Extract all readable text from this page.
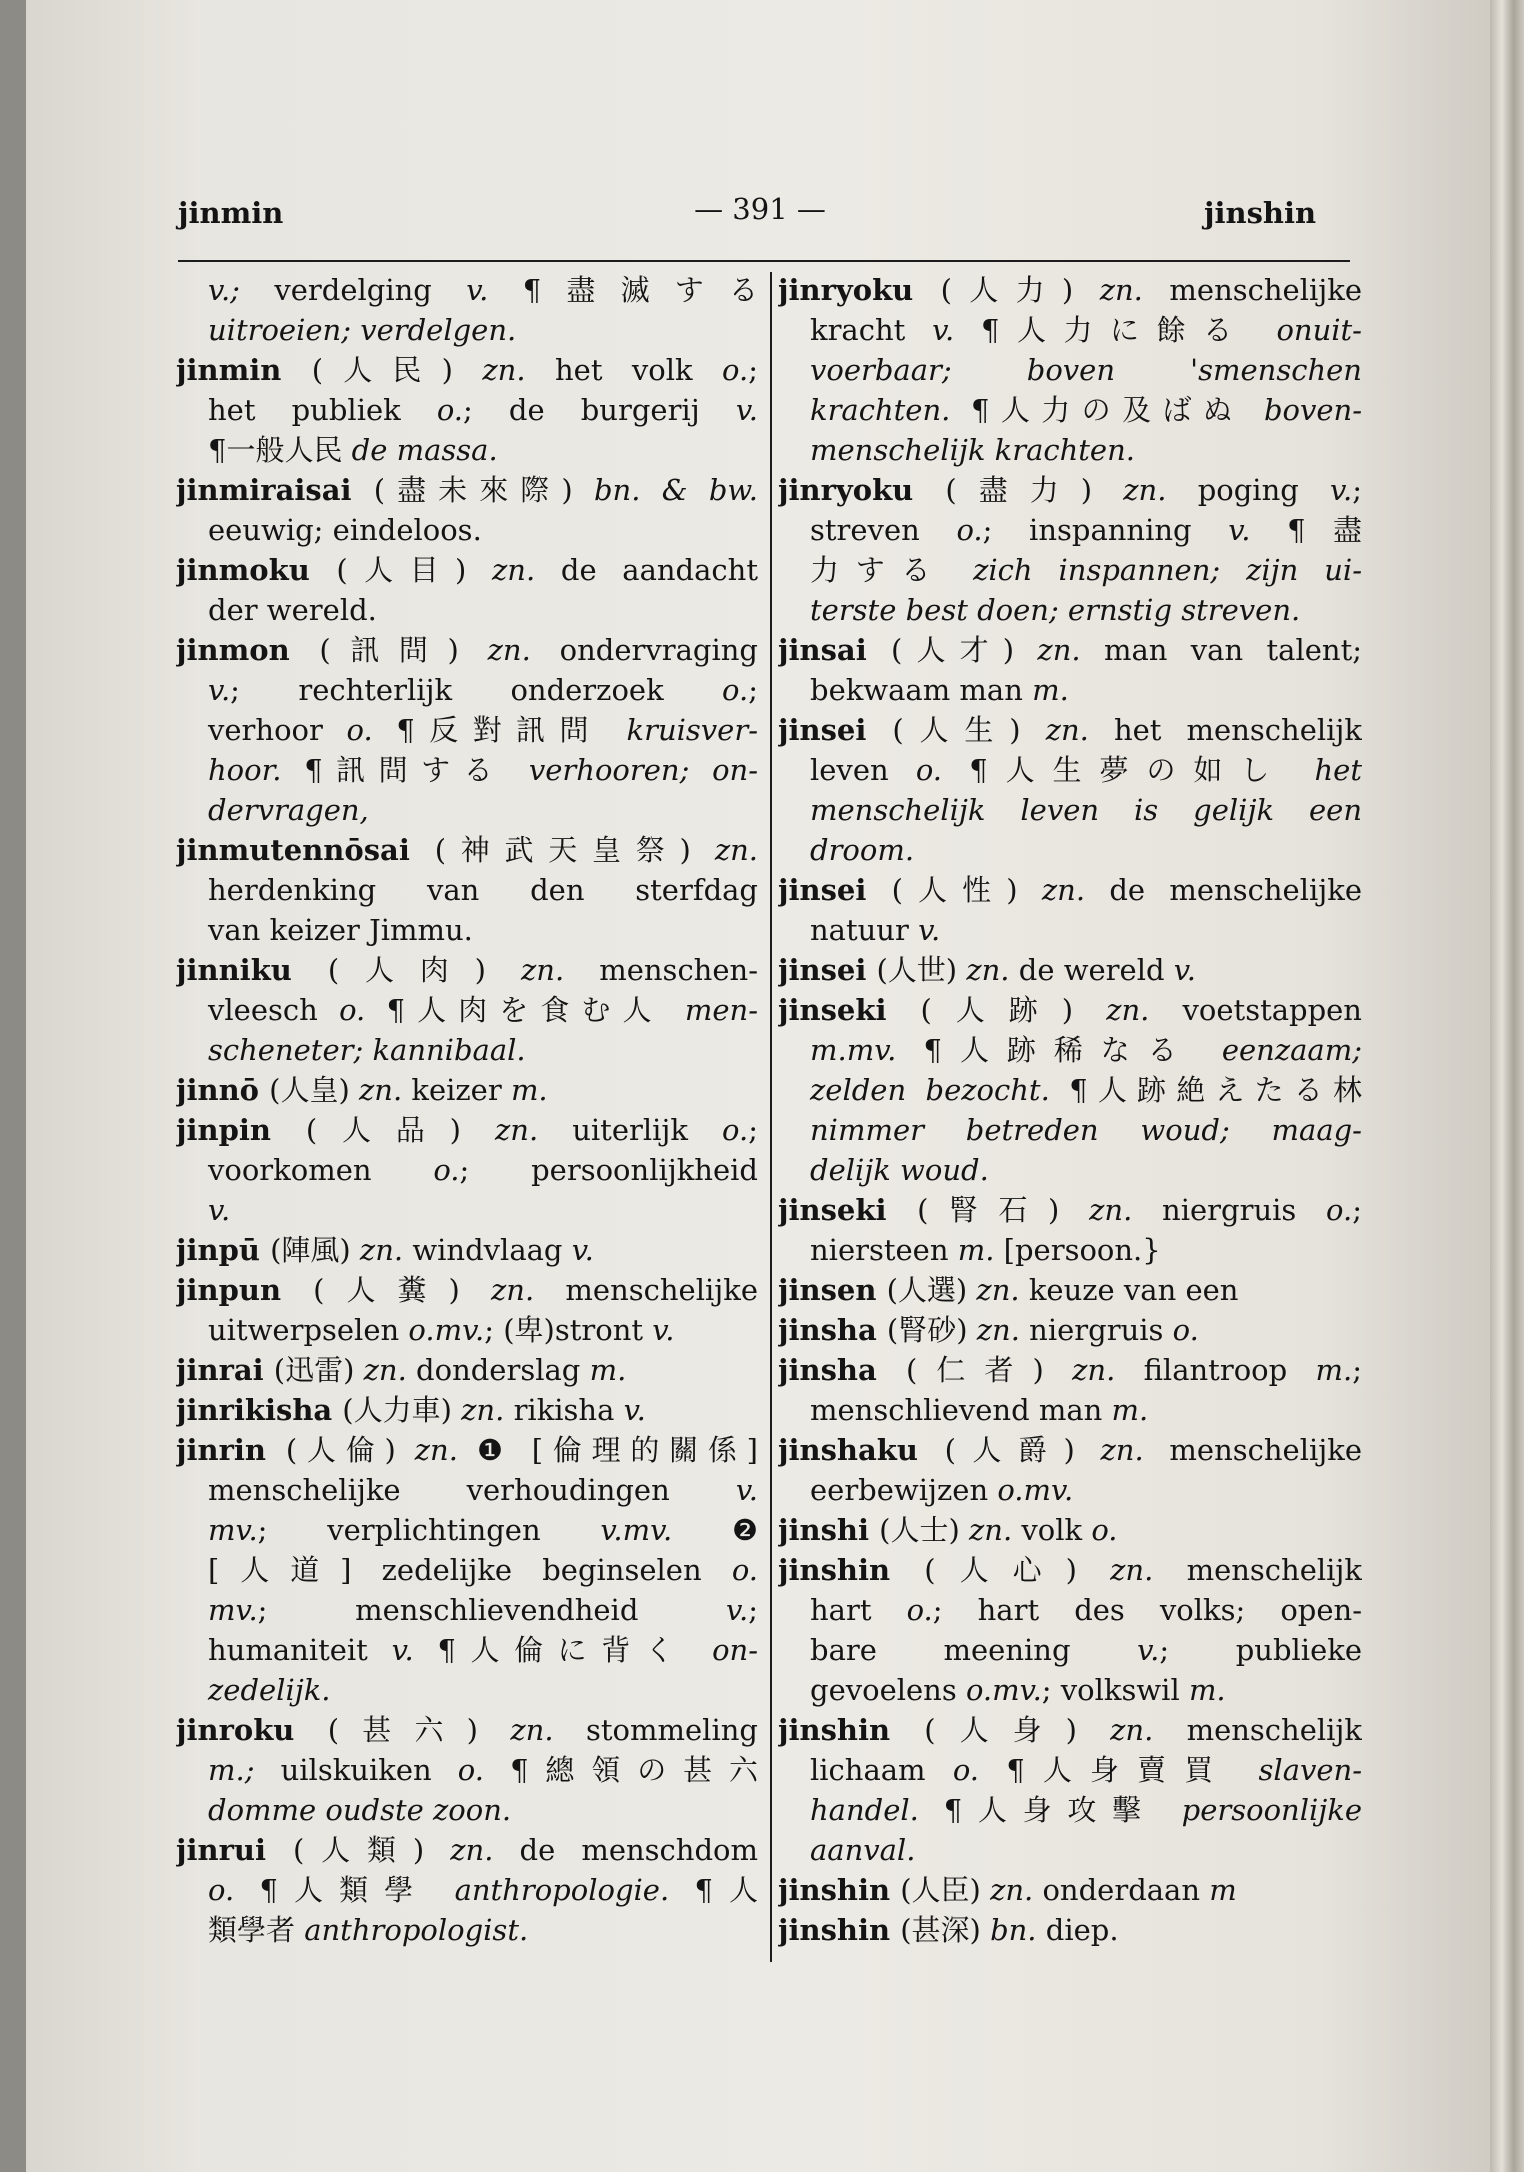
jinmin	— 391 —	jinshin
v.; verdelging v. ¶盡滅する
uitroeien; verdelgen.
jinmin (人民) zn. het volk o.;
het publiek o.; de burgerij v.
¶一般人民 de massa.
jinmiraisai (盡未來際) bn. & bw.
eeuwig; eindeloos.
jinmoku (人目) zn. de aandacht
der wereld.
jinmon (訊問) zn. ondervraging
v.; rechterlijk onderzoek o.;
verhoor o. ¶反對訊問 kruisver-
hoor. ¶訊問する verhooren; on-
dervragen,
jinmutennōsai (神武天皇祭) zn.
herdenking van den sterfdag
van keizer Jimmu.
jinniku (人肉) zn. menschen-
vleesch o. ¶人肉を食む人 men-
scheneter; kannibaal.
jinnō (人皇) zn. keizer m.
jinpin (人品) zn. uiterlijk o.;
voorkomen o.; persoonlijkheid
v.
jinpū (陣風) zn. windvlaag v.
jinpun (人糞) zn. menschelijke
uitwerpselen o.mv.; (卑)stront v.
jinrai (迅雷) zn. donderslag m.
jinrikisha (人力車) zn. rikisha v.
jinrin (人倫) zn. ❶ [倫理的關係]
menschelijke verhoudingen v.
mv.; verplichtingen v.mv. ❷
[人道] zedelijke beginselen o.
mv.; menschlievendheid v.;
humaniteit v. ¶人倫に背く on-
zedelijk.
jinroku (甚六) zn. stommeling
m.; uilskuiken o. ¶總領の甚六
domme oudste zoon.
jinrui (人類) zn. de menschdom
o. ¶人類學 anthropologie. ¶人
類學者 anthropologist.
jinryoku (人力) zn. menschelijke
kracht v. ¶人力に餘る onuit-
voerbaar; boven 'smenschen
krachten. ¶人力の及ばぬ boven-
menschelijk krachten.
jinryoku (盡力) zn. poging v.;
streven o.; inspanning v. ¶盡
力する zich inspannen; zijn ui-
terste best doen; ernstig streven.
jinsai (人才) zn. man van talent;
bekwaam man m.
jinsei (人生) zn. het menschelijk
leven o. ¶人生夢の如し het
menschelijk leven is gelijk een
droom.
jinsei (人性) zn. de menschelijke
natuur v.
jinsei (人世) zn. de wereld v.
jinseki (人跡) zn. voetstappen
m.mv. ¶人跡稀なる eenzaam;
zelden bezocht. ¶人跡絶えたる林
nimmer betreden woud; maag-
delijk woud.
jinseki (腎石) zn. niergruis o.;
niersteen m. [persoon.}
jinsen (人選) zn. keuze van een
jinsha (腎砂) zn. niergruis o.
jinsha (仁者) zn. filantroop m.;
menschlievend man m.
jinshaku (人爵) zn. menschelijke
eerbewijzen o.mv.
jinshi (人士) zn. volk o.
jinshin (人心) zn. menschelijk
hart o.; hart des volks; open-
bare meening v.; publieke
gevoelens o.mv.; volkswil m.
jinshin (人身) zn. menschelijk
lichaam o. ¶人身賣買 slaven-
handel. ¶人身攻擊 persoonlijke
aanval.
jinshin (人臣) zn. onderdaan m
jinshin (甚深) bn. diep.
